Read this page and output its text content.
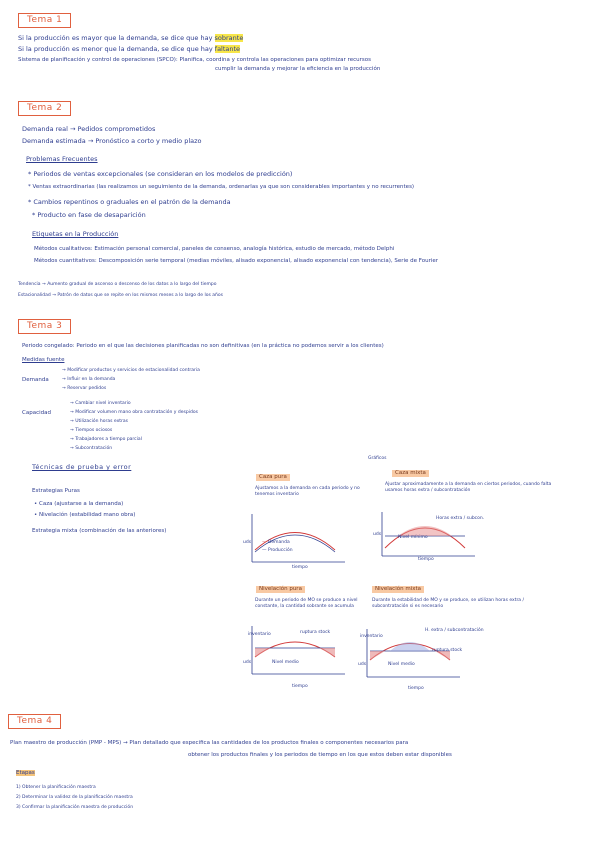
Tema 1
Si la producción es mayor que la demanda, se dice que hay sobrante
Si la producción es menor que la demanda, se dice que hay faltante
Sistema de planificación y control de operaciones (SPCO): Planifica, coordina y controla las operaciones para optimizar recursos
cumplir la demanda y mejorar la eficiencia en la producción
Tema 2
Demanda real → Pedidos comprometidos
Demanda estimada → Pronóstico a corto y medio plazo
Problemas Frecuentes
* Periodos de ventas excepcionales (se consideran en los modelos de predicción)
* Ventas extraordinarias (las realizamos un seguimiento de la demanda, ordenarlas ya que son considerables importantes y no recurrentes)
* Cambios repentinos o graduales en el patrón de la demanda
* Producto en fase de desaparición
Etiquetas en la Producción
Métodos cualitativos: Estimación personal comercial, paneles de consenso, analogía histórica, estudio de mercado, método Delphi
Métodos cuantitativos: Descomposición serie temporal (medias móviles, alisado exponencial, alisado exponencial con tendencia), Serie de Fourier
Tendencia → Aumento gradual de ascenso o descenso de los datos a lo largo del tiempo
Estacionalidad → Patrón de datos que se repite en los mismos meses a lo largo de los años
Tema 3
Periodo congelado: Periodo en el que las decisiones planificadas no son definitivas (en la práctica no podemos servir a los clientes)
Medidas fuente
Demanda
→ Modificar productos y servicios de estacionalidad contraria
→ Influir en la demanda
→ Reservar pedidos
Capacidad
→ Cambiar nivel inventario
→ Modificar volumen mano obra contratación y despidos
→ Utilización horas extras
→ Tiempos ociosos
→ Trabajadores a tiempo parcial
→ Subcontratación
Técnicas de prueba y error
Estrategias Puras
• Caza (ajustarse a la demanda)
• Nivelación (estabilidad mano obra)
Estrategia mixta (combinación de las anteriores)
Gráficos
Caza pura
Ajustamos a la demanda en cada periodo y no tenemos inventario
— Demanda
— Producción
tiempo
uds
Caza mixta
Ajustar aproximadamente a la demanda en ciertos periodos, cuando falta usamos horas extra / subcontratación
Nivel mínimo
Horas extra / subcon.
tiempo
uds
Nivelación pura
Durante un periodo de MO se produce a nivel constante, la cantidad sobrante se acumula
Nivel medio
inventario	ruptura stock
tiempo
uds
Nivelación mixta
Durante la estabilidad de MO y se produce, se utilizan horas extra / subcontratación si es necesario
Nivel medio
inventario
H. extra / subcontratación
ruptura stock
tiempo
uds
Tema 4
Plan maestro de producción (PMP - MPS) → Plan detallado que especifica las cantidades de los productos finales o componentes necesarios para
obtener los productos finales y los periodos de tiempo en los que estos deben estar disponibles
Etapas
1) Obtener la planificación maestra
2) Determinar la validez de la planificación maestra
3) Confirmar la planificación maestra de producción
